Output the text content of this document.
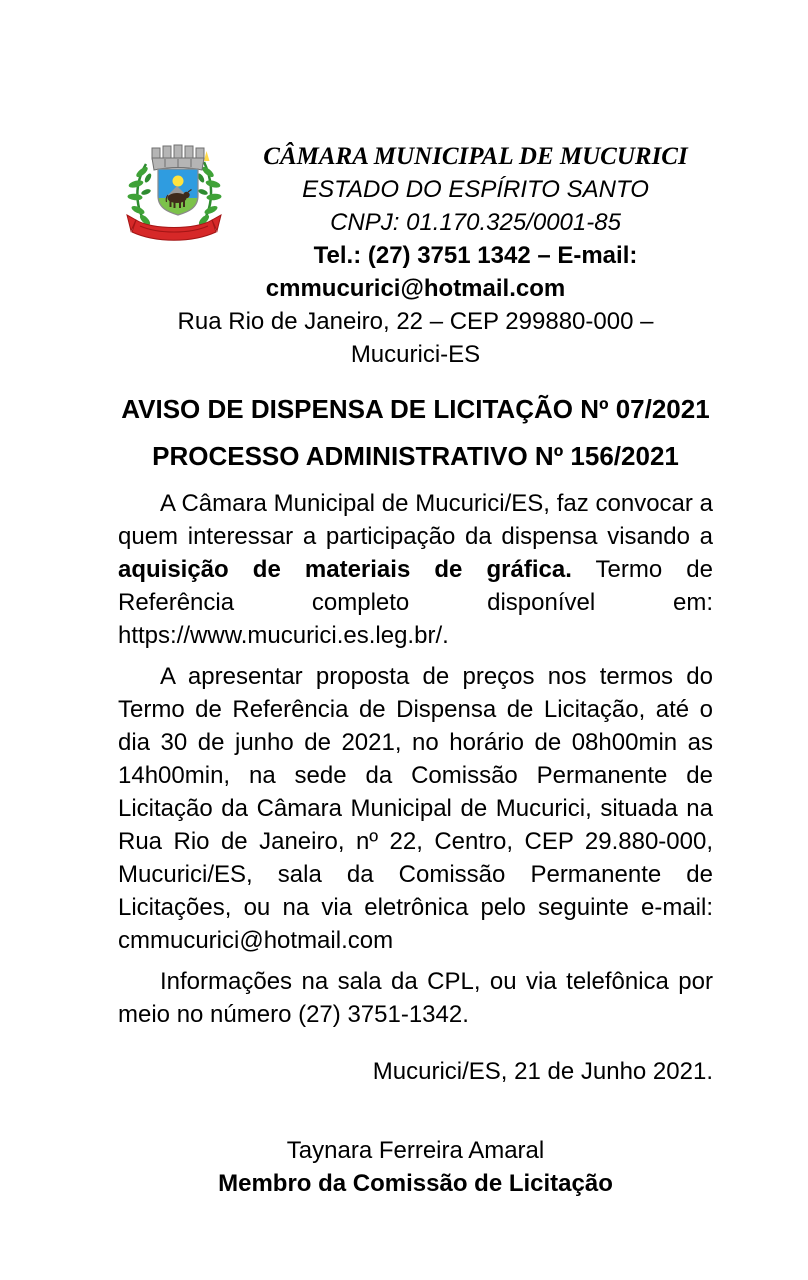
CÂMARA MUNICIPAL DE MUCURICI
ESTADO DO ESPÍRITO SANTO
CNPJ: 01.170.325/0001-85
Tel.: (27) 3751 1342 – E-mail:
cmmucurici@hotmail.com
Rua Rio de Janeiro, 22 – CEP 299880-000 –
Mucurici-ES

AVISO DE DISPENSA DE LICITAÇÃO Nº 07/2021

PROCESSO ADMINISTRATIVO Nº 156/2021

A Câmara Municipal de Mucurici/ES, faz convocar a quem interessar a participação da dispensa visando a aquisição de materiais de gráfica. Termo de Referência completo disponível em: https://www.mucurici.es.leg.br/.

A apresentar proposta de preços nos termos do Termo de Referência de Dispensa de Licitação, até o dia 30 de junho de 2021, no horário de 08h00min as 14h00min, na sede da Comissão Permanente de Licitação da Câmara Municipal de Mucurici, situada na Rua Rio de Janeiro, nº 22, Centro, CEP 29.880-000, Mucurici/ES, sala da Comissão Permanente de Licitações, ou na via eletrônica pelo seguinte e-mail: cmmucurici@hotmail.com

Informações na sala da CPL, ou via telefônica por meio no número (27) 3751-1342.

Mucurici/ES, 21 de Junho 2021.

Taynara Ferreira Amaral
Membro da Comissão de Licitação
